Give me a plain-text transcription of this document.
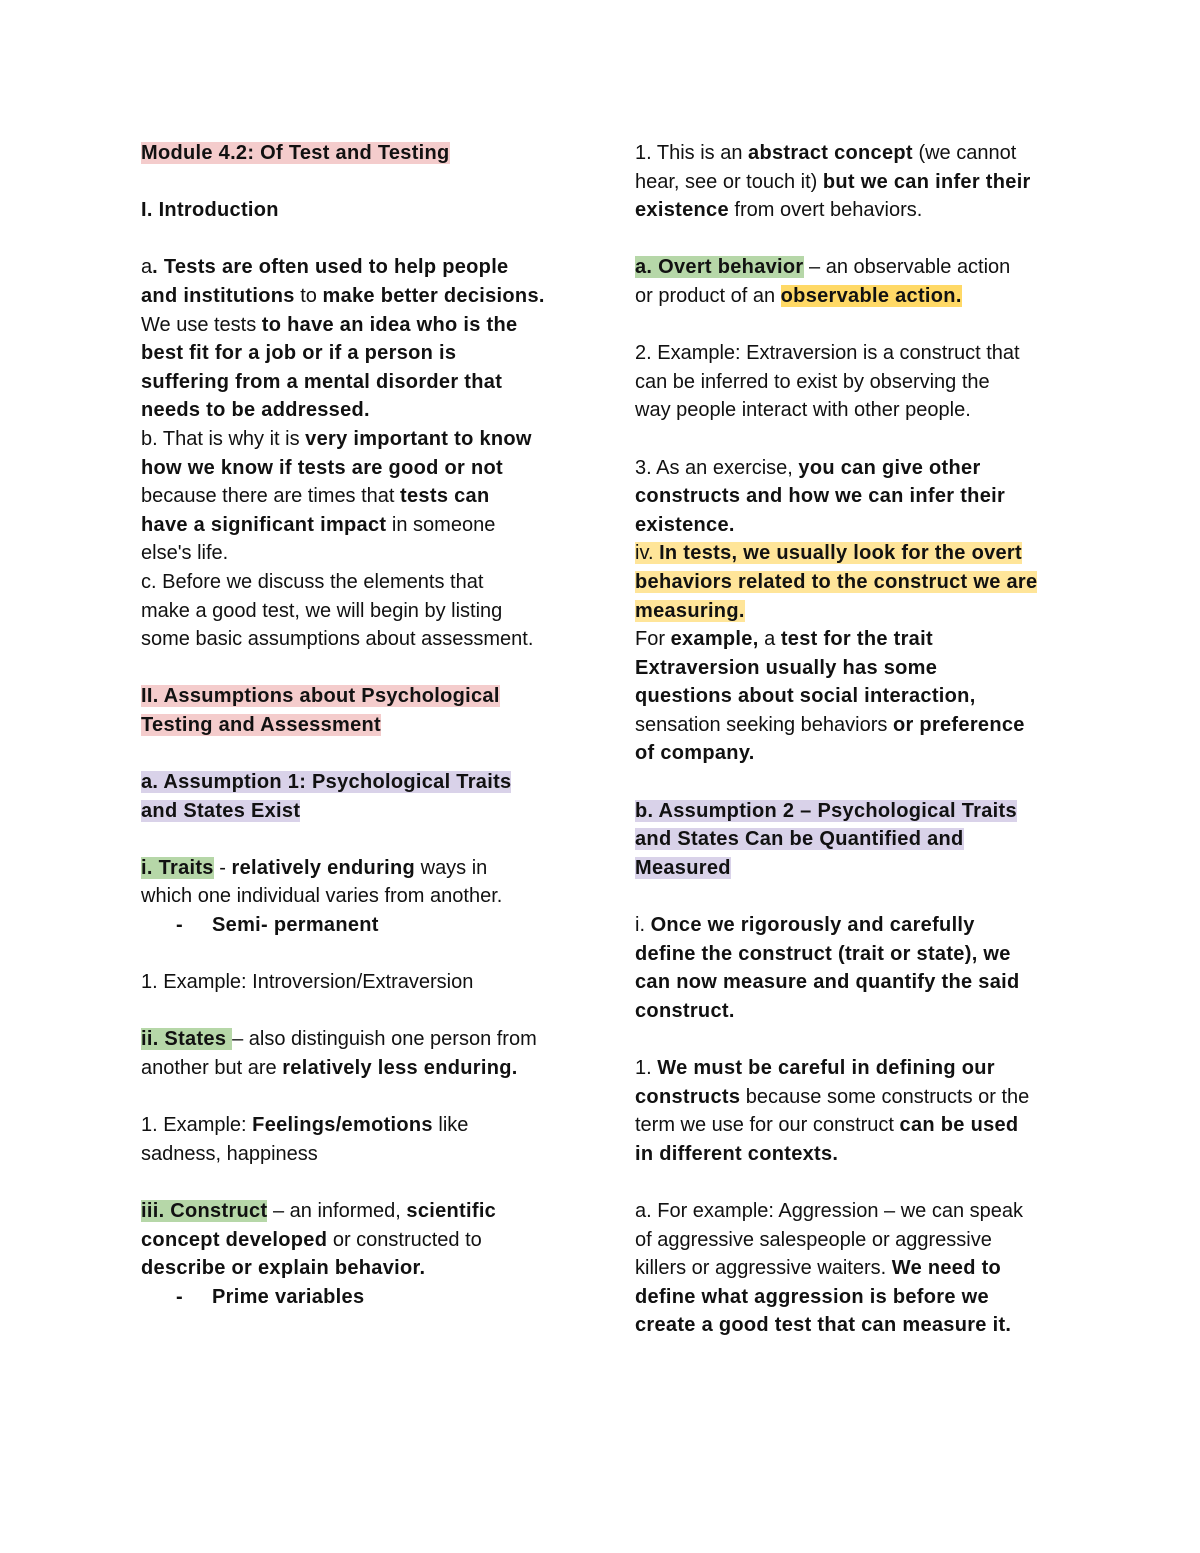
Module 4.2: Of Test and Testing
I. Introduction
a. Tests are often used to help people
and institutions to make better decisions.
We use tests to have an idea who is the
best fit for a job or if a person is
suffering from a mental disorder that
needs to be addressed.
b. That is why it is very important to know
how we know if tests are good or not
because there are times that tests can
have a significant impact in someone
else's life.
c. Before we discuss the elements that
make a good test, we will begin by listing
some basic assumptions about assessment.
II. Assumptions about Psychological
Testing and Assessment
a. Assumption 1: Psychological Traits
and States Exist
i. Traits - relatively enduring ways in
which one individual varies from another.
- Semi- permanent
1. Example: Introversion/Extraversion
ii. States – also distinguish one person from
another but are relatively less enduring.
1. Example: Feelings/emotions like
sadness, happiness
iii. Construct – an informed, scientific
concept developed or constructed to
describe or explain behavior.
- Prime variables
1. This is an abstract concept (we cannot
hear, see or touch it) but we can infer their
existence from overt behaviors.
a. Overt behavior – an observable action
or product of an observable action.
2. Example: Extraversion is a construct that
can be inferred to exist by observing the
way people interact with other people.
3. As an exercise, you can give other
constructs and how we can infer their
existence.
iv. In tests, we usually look for the overt
behaviors related to the construct we are
measuring.
For example, a test for the trait
Extraversion usually has some
questions about social interaction,
sensation seeking behaviors or preference
of company.
b. Assumption 2 – Psychological Traits
and States Can be Quantified and
Measured
i. Once we rigorously and carefully
define the construct (trait or state), we
can now measure and quantify the said
construct.
1. We must be careful in defining our
constructs because some constructs or the
term we use for our construct can be used
in different contexts.
a. For example: Aggression – we can speak
of aggressive salespeople or aggressive
killers or aggressive waiters. We need to
define what aggression is before we
create a good test that can measure it.
